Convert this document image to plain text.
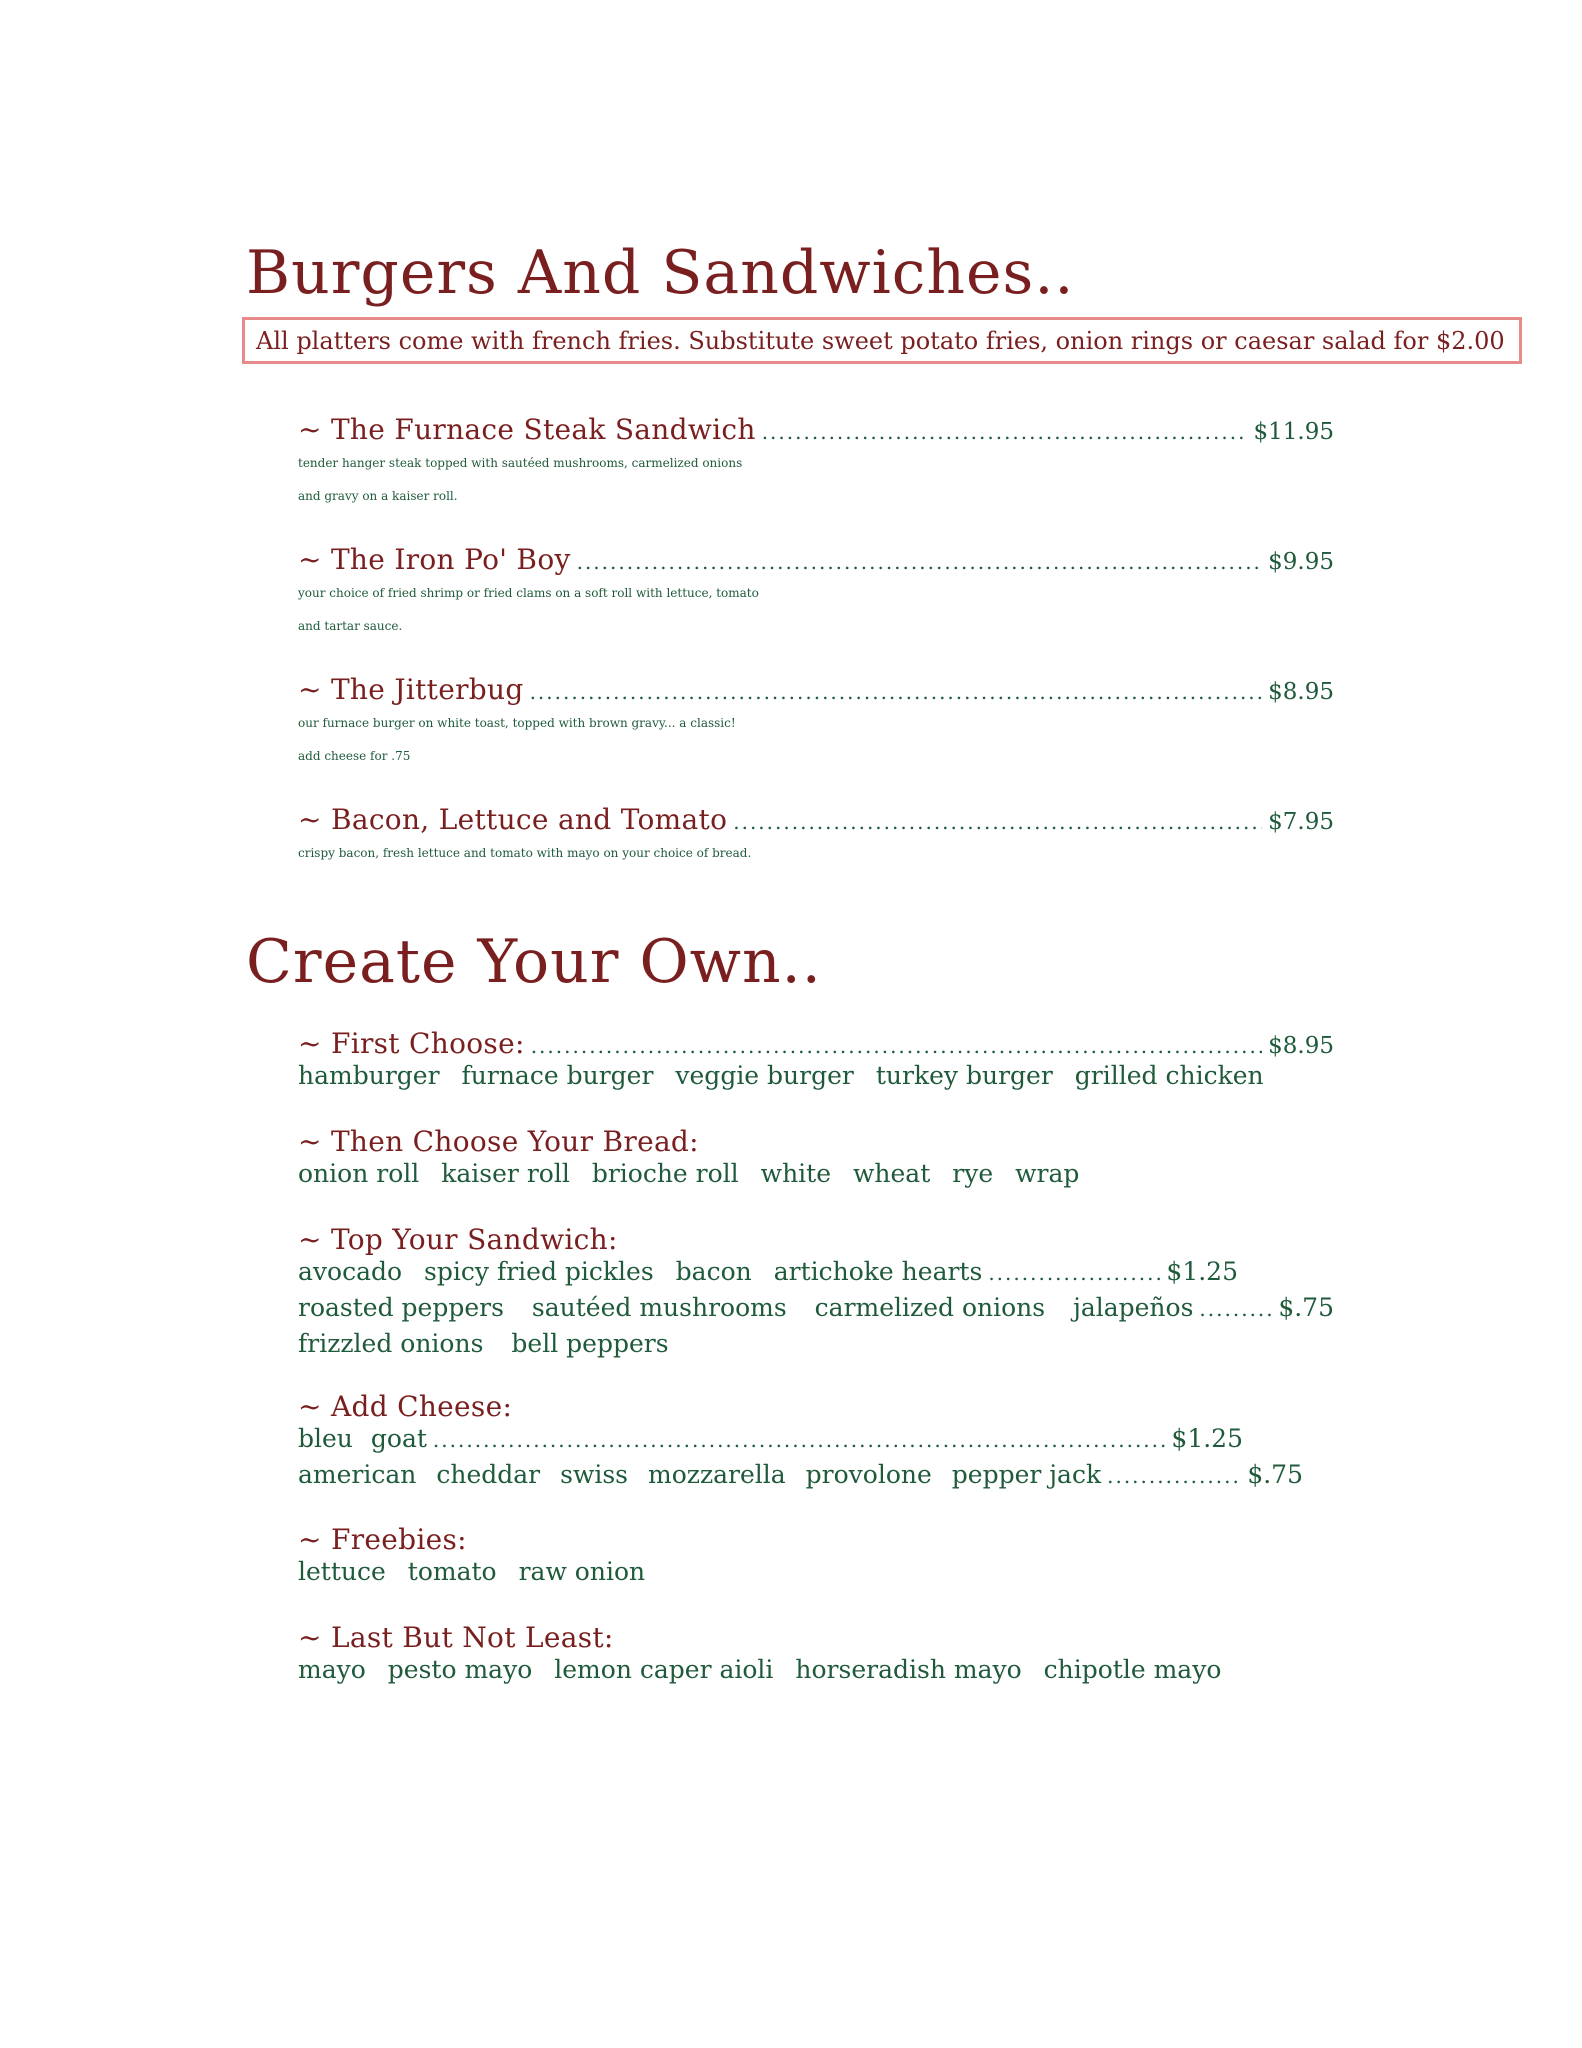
Burgers And Sandwiches..
All platters come with french fries. Substitute sweet potato fries, onion rings or caesar salad for $2.00
~ The Furnace Steak Sandwich .....	$11.95
tender hanger steak topped with sautéed mushrooms, carmelized onions
and gravy on a kaiser roll.
~ The Iron Po' Boy .....	$9.95
your choice of fried shrimp or fried clams on a soft roll with lettuce, tomato
and tartar sauce.
~ The Jitterbug .....	$8.95
our furnace burger on white toast, topped with brown gravy... a classic!
add cheese for .75
~ Bacon, Lettuce and Tomato .....	$7.95
crispy bacon, fresh lettuce and tomato with mayo on your choice of bread.
Create Your Own..
~ First Choose: .....	$8.95
hamburger furnace burger veggie burger turkey burger grilled chicken
~ Then Choose Your Bread:
onion roll kaiser roll brioche roll white wheat rye wrap
~ Top Your Sandwich:
avocado spicy fried pickles bacon artichoke hearts .....	$1.25
roasted peppers sautéed mushrooms carmelized onions jalapeños .....	$.75
frizzled onions bell peppers
~ Add Cheese:
bleu goat .....	$1.25
american cheddar swiss mozzarella provolone pepper jack .....	$.75
~ Freebies:
lettuce tomato raw onion
~ Last But Not Least:
mayo pesto mayo lemon caper aioli horseradish mayo chipotle mayo
